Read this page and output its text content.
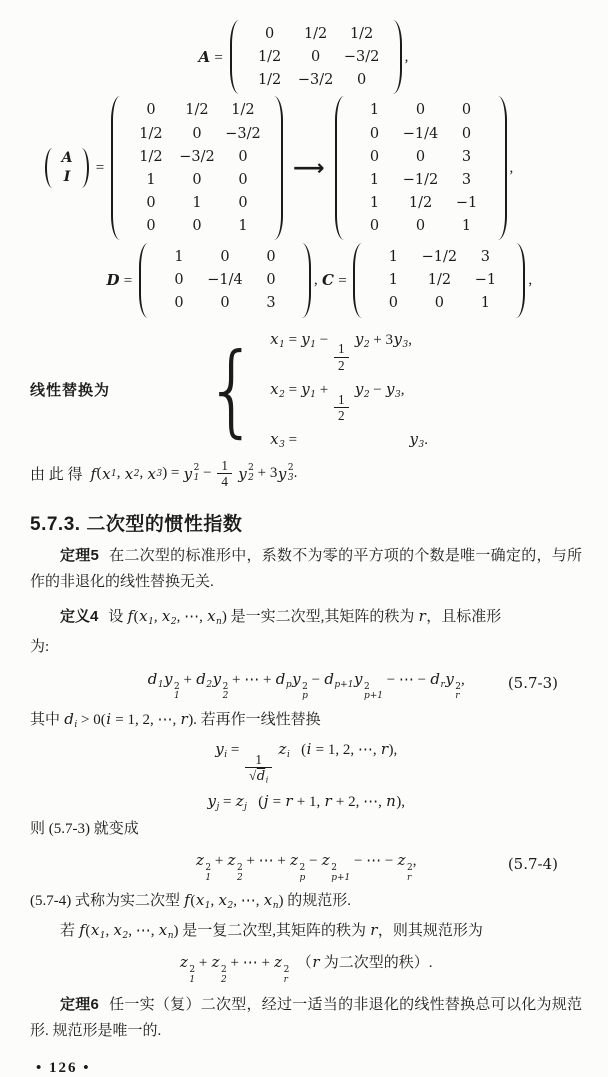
A =
0	1/2	1/2
1/2	0	−3/2
1/2	−3/2	0
,
A
I
=
0	1/2	1/2
1/2	0	−3/2
1/2	−3/2	0
1	0	0
0	1	0
0	0	1
⟶
1	0	0
0	−1/4	0
0	0	3
1	−1/2	3
1	1/2	−1
0	0	1
,
D =
1	0	0
0	−1/4	0
0	0	3
, C =
1	−1/2	3
1	1/2	−1
0	0	1
,
线性替换为 { $x_1 = y_1$ −
$\frac{1}{2}$
$y_2 + 3y_3$,
$x_2 = y_1$ +
$\frac{1}{2}$
$y_2 - y_3$,
$x_3$ =	$y_3$.
由 此 得 f ( x 1 , x 2 , x 3 ) = y 2
$1 - \frac{1}{4}$
y 2
2 + 3 y 2
3 .
5.7.3. 二次型的惯性指数
定理5 在二次型的标准形中，系数不为零的平方项的个数是唯一确定的，与所作的非退化的线性替换无关.
定义4 设 $f(x_1$, $x_2$, ⋯, $x_n$) 是一实二次型,其矩阵的秩为 r，且标准形
为:
$d_1y$ 2
1
+ $d_2y$ 2
2
+ ⋯ + $d_py$ 2
p
− $d_{p+1}y$ 2
p+1
− ⋯ − $d_ry$ 2
r
,	(5.7-3)
其中 $d_i > 0(i = 1$, 2, ⋯, r). 若再作一线性替换
$y_i$ =
$\frac{1}{√d_i}$
$z_i$   (i = 1, 2, ⋯, r),
$y_j = z_j$   (j = r + 1, r + 2, ⋯, n),
则 (5.7-3) 就变成
z 2
1
+ z 2
2
+ ⋯ + z 2
p
− z 2
p+1
− ⋯ − z 2
r
,	(5.7-4)
(5.7-4) 式称为实二次型 $f(x_1$, $x_2$, ⋯, $x_n$) 的规范形.
若 $f(x_1$, $x_2$, ⋯, $x_n$) 是一复二次型,其矩阵的秩为 r，则其规范形为
z 2
1
+ z 2
2
+ ⋯ + z 2
r
（r 为二次型的秩）.
定理6 任一实（复）二次型，经过一适当的非退化的线性替换总可以化为规范形. 规范形是唯一的.
• 126 •
